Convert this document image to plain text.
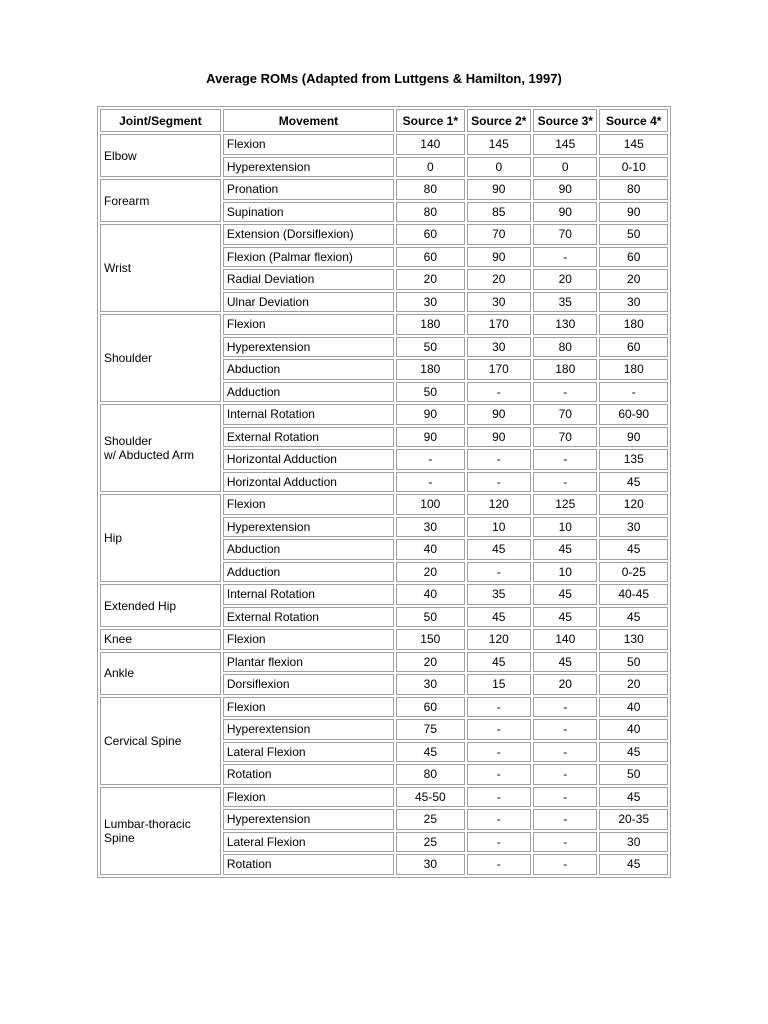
Average ROMs (Adapted from Luttgens & Hamilton, 1997)
Joint/Segment	Movement	Source 1*	Source 2*	Source 3*	Source 4*
Elbow	Flexion	140	145	145	145
	Hyperextension	0	0	0	0-10
Forearm	Pronation	80	90	90	80
	Supination	80	85	90	90
Wrist	Extension (Dorsiflexion)	60	70	70	50
	Flexion (Palmar flexion)	60	90	-	60
	Radial Deviation	20	20	20	20
	Ulnar Deviation	30	30	35	30
Shoulder	Flexion	180	170	130	180
	Hyperextension	50	30	80	60
	Abduction	180	170	180	180
	Adduction	50	-	-	-
Shoulder
w/ Abducted Arm	Internal Rotation	90	90	70	60-90
	External Rotation	90	90	70	90
	Horizontal Adduction	-	-	-	135
	Horizontal Adduction	-	-	-	45
Hip	Flexion	100	120	125	120
	Hyperextension	30	10	10	30
	Abduction	40	45	45	45
	Adduction	20	-	10	0-25
Extended Hip	Internal Rotation	40	35	45	40-45
	External Rotation	50	45	45	45
Knee	Flexion	150	120	140	130
Ankle	Plantar flexion	20	45	45	50
	Dorsiflexion	30	15	20	20
Cervical Spine	Flexion	60	-	-	40
	Hyperextension	75	-	-	40
	Lateral Flexion	45	-	-	45
	Rotation	80	-	-	50
Lumbar-thoracic
Spine	Flexion	45-50	-	-	45
	Hyperextension	25	-	-	20-35
	Lateral Flexion	25	-	-	30
	Rotation	30	-	-	45
